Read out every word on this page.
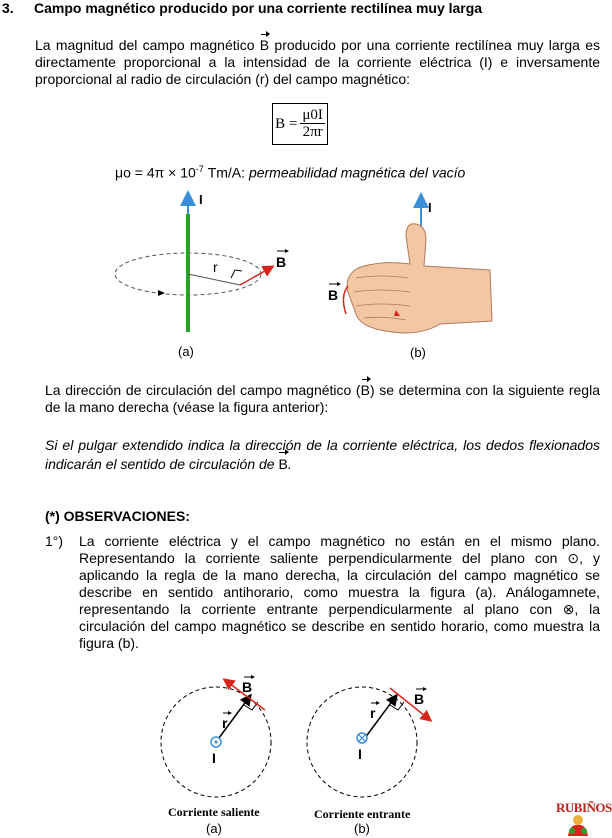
3. Campo magnético producido por una corriente rectilínea muy larga
La magnitud del campo magnético B producido por una corriente rectilínea muy larga es directamente proporcional a la intensidad de la corriente eléctrica (I) e inversamente proporcional al radio de circulación (r) del campo magnético:
$B = \frac{\mu 0I}{2\pi r}$
$\mu o = 4\pi \times 10^{-7}$ Tm/A: permeabilidad magnética del vacío
I
r	B
(a)
I
B
(b)
La dirección de circulación del campo magnético (B) se determina con la siguiente regla de la mano derecha (véase la figura anterior):
Si el pulgar extendido indica la dirección de la corriente eléctrica, los dedos flexionados indicarán el sentido de circulación de B.
(*) OBSERVACIONES:
1°) La corriente eléctrica y el campo magnético no están en el mismo plano. Representando la corriente saliente perpendicularmente del plano con ⊙, y aplicando la regla de la mano derecha, la circulación del campo magnético se describe en sentido antihorario, como muestra la figura (a). Análogamnete, representando la corriente entrante perpendicularmente al plano con ⊗, la circulación del campo magnético se describe en sentido horario, como muestra la figura (b).
B
r
I
Corriente saliente
(a)
B
r
I
Corriente entrante
(b)
RUBIÑOS
